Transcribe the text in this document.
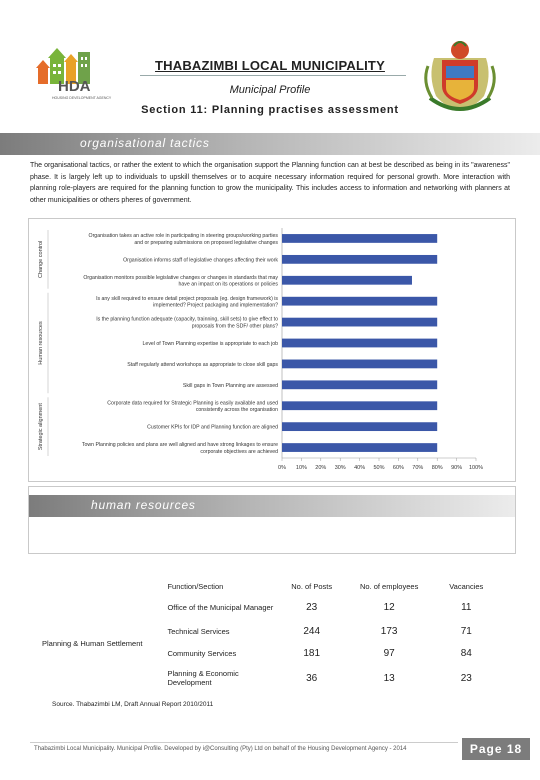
HDA
HOUSING DEVELOPMENT AGENCY
THABAZIMBI LOCAL MUNICIPALITY
Municipal Profile
Section 11: Planning practises assessment
organisational tactics
The organisational tactics, or rather the extent to which the organisation support the Planning function can at best be described as being in its "awareness" phase. It is largely left up to individuals to upskill themselves or to acquire necessary information required for personal growth. More interaction with planning role-players are required for the planning function to grow the municipality. This includes access to information and networking with planners at other municipalities or others pheres of government.
Organisation takes an active role in participating in steering groups/working parties and or preparing submissions on proposed legislative changes
Organisation informs staff of legislative changes affecting their work
Organisation monitors possible legislative changes or changes in standards that may have an impact on its operations or policies
Is any skill required to ensure detail project proposals (eg. design framework) is implemented? Project packaging and implementation?
Is the planning function adequate (capacity, trainning, skill sets) to give effect to proposals from the SDF/ other plans?
Level of Town Planning expertise is appropriate to each job
Staff regularly attend workshops as appropriate to close skill gaps
Skill gaps in Town Planning are assessed
Corporate data required for Strategic Planning is easily available and used consistently across the organisation
Customer KPIs for IDP and Planning function are aligned
Town Planning policies and plans are well aligned and have strong linkages to ensure corporate objectives are achieved
0% 10% 20% 30% 40% 50% 60% 70% 80% 90% 100%
Change control
Human resources
Strategic alignment
human resources
	Function/Section	No. of Posts	No. of employees	Vacancies
Planning & Human Settlement	Office of the Municipal Manager	23	12	11
	Technical Services	244	173	71
	Community Services	181	97	84
	Planning & Economic Development	36	13	23
Source. Thabazimbi LM, Draft Annual Report 2010/2011
Thabazimbi Local Municipality. Municipal Profile. Developed by i@Consulting (Pty) Ltd on behalf of the Housing Development Agency - 2014	Page 18
